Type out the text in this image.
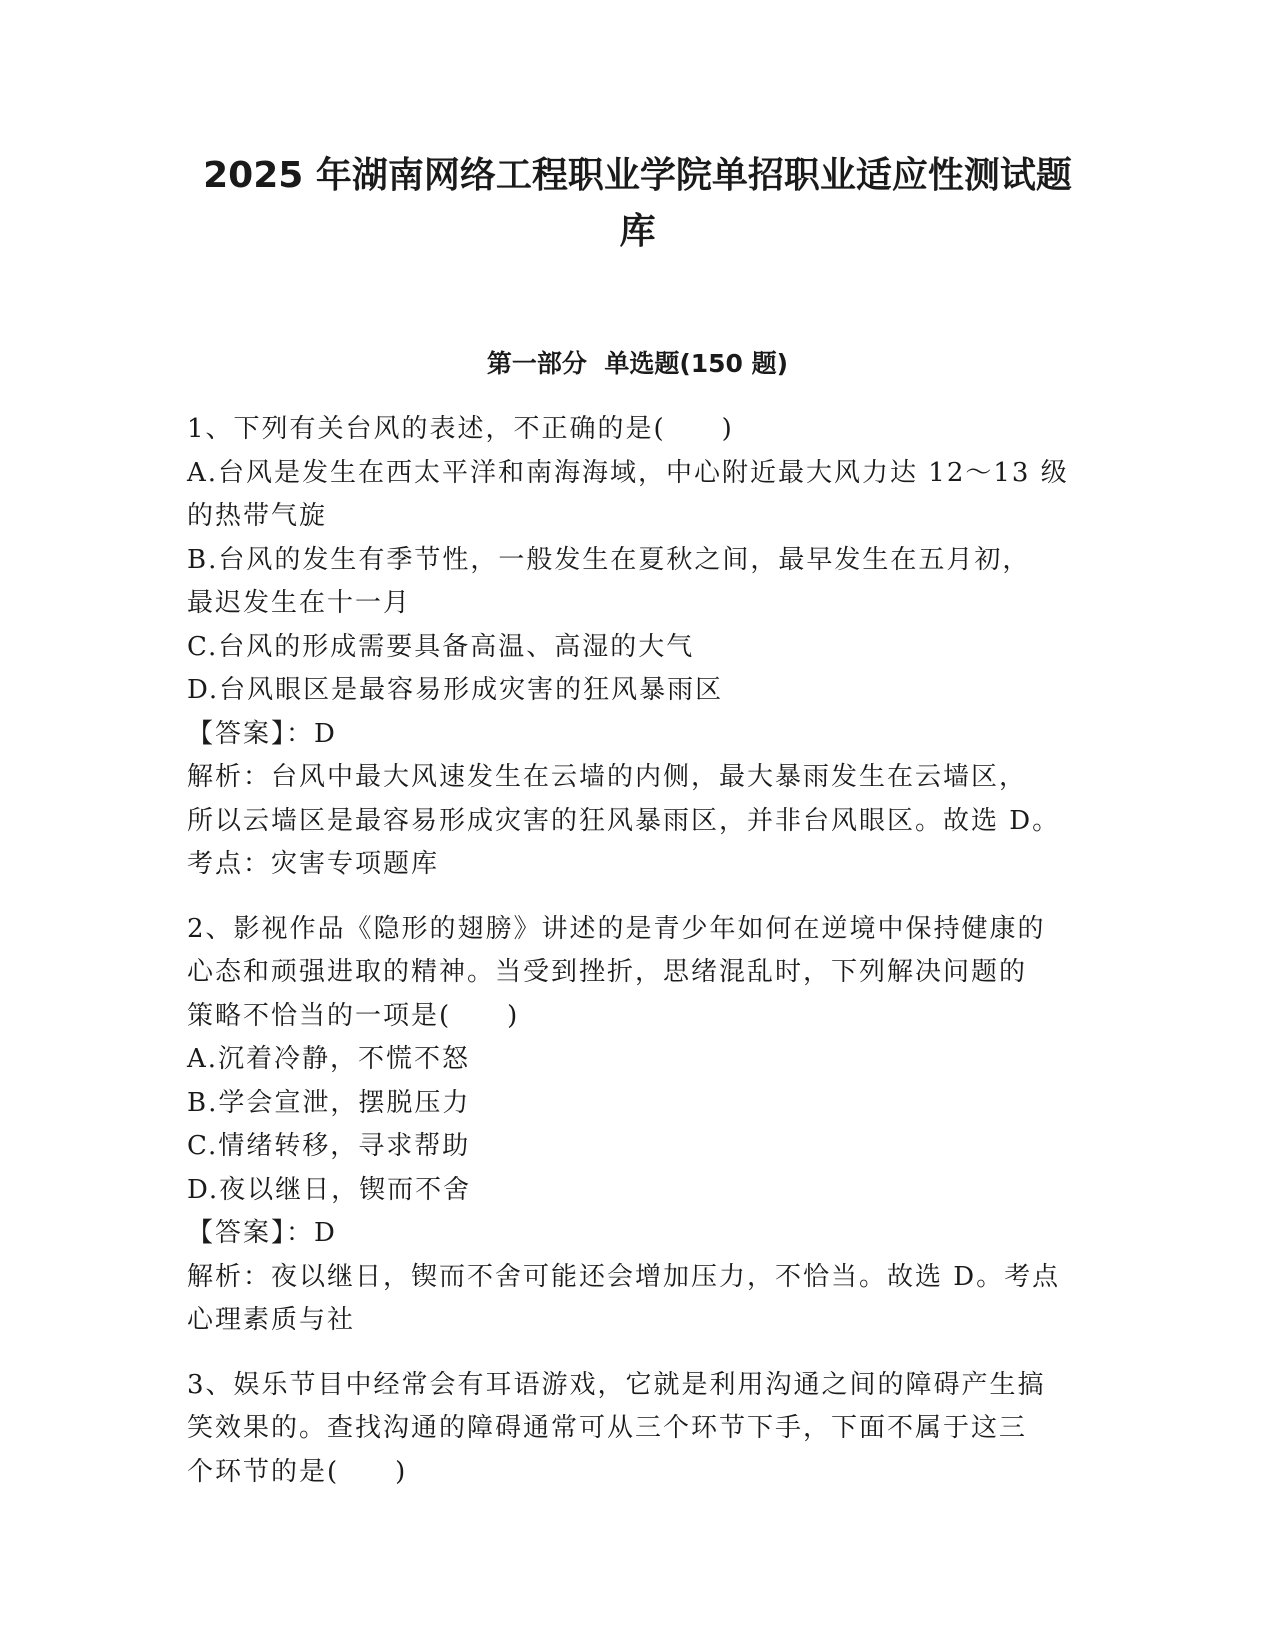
2025 年湖南网络工程职业学院单招职业适应性测试题
库
第一部分  单选题(150 题)

1、下列有关台风的表述，不正确的是(　　)

A.台风是发生在西太平洋和南海海域，中心附近最大风力达 12～13 级

的热带气旋

B.台风的发生有季节性，一般发生在夏秋之间，最早发生在五月初，

最迟发生在十一月

C.台风的形成需要具备高温、高湿的大气

D.台风眼区是最容易形成灾害的狂风暴雨区

【答案】：D

解析：台风中最大风速发生在云墙的内侧，最大暴雨发生在云墙区，

所以云墙区是最容易形成灾害的狂风暴雨区，并非台风眼区。故选 D。

考点：灾害专项题库

2、影视作品《隐形的翅膀》讲述的是青少年如何在逆境中保持健康的

心态和顽强进取的精神。当受到挫折，思绪混乱时，下列解决问题的

策略不恰当的一项是(　　)

A.沉着冷静，不慌不怒

B.学会宣泄，摆脱压力

C.情绪转移，寻求帮助

D.夜以继日，锲而不舍

【答案】：D

解析：夜以继日，锲而不舍可能还会增加压力，不恰当。故选 D。考点

心理素质与社

3、娱乐节目中经常会有耳语游戏，它就是利用沟通之间的障碍产生搞

笑效果的。查找沟通的障碍通常可从三个环节下手，下面不属于这三

个环节的是(　　)
